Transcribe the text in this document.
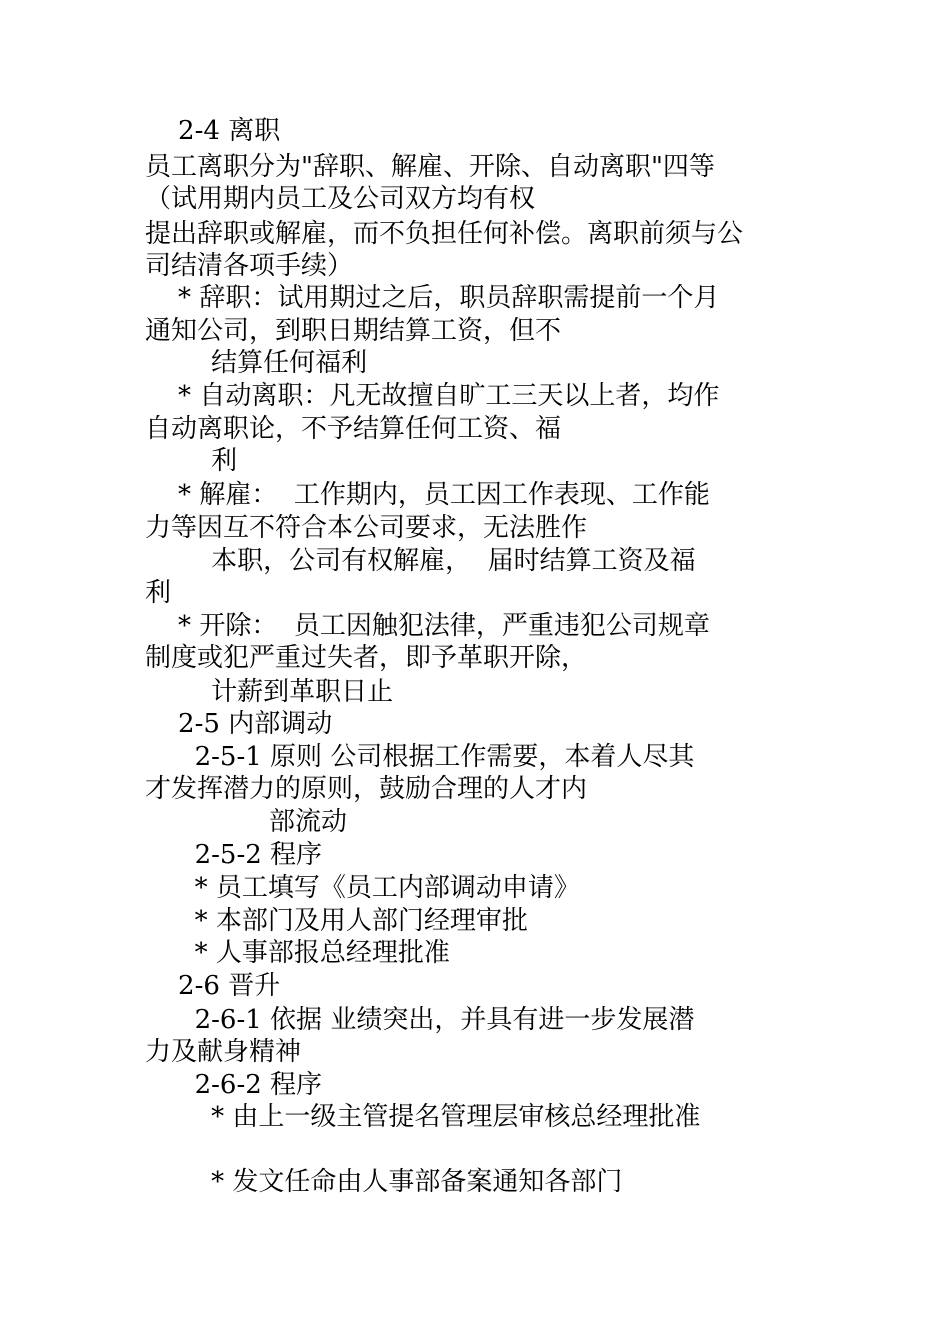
2-4 离职
员工离职分为"辞职、解雇、开除、自动离职"四等
（试用期内员工及公司双方均有权
提出辞职或解雇，而不负担任何补偿。离职前须与公
司结清各项手续）
* 辞职：试用期过之后，职员辞职需提前一个月
通知公司，到职日期结算工资，但不
结算任何福利
* 自动离职：凡无故擅自旷工三天以上者，均作
自动离职论，不予结算任何工资、福
利
* 解雇：  工作期内，员工因工作表现、工作能
力等因互不符合本公司要求，无法胜作
本职，公司有权解雇，  届时结算工资及福
利
* 开除：  员工因触犯法律，严重违犯公司规章
制度或犯严重过失者，即予革职开除，
计薪到革职日止
2-5 内部调动
2-5-1 原则 公司根据工作需要，本着人尽其
才发挥潜力的原则，鼓励合理的人才内
部流动
2-5-2 程序
* 员工填写《员工内部调动申请》
* 本部门及用人部门经理审批
* 人事部报总经理批准
2-6 晋升
2-6-1 依据 业绩突出，并具有进一步发展潜
力及献身精神
2-6-2 程序
* 由上一级主管提名管理层审核总经理批准
* 发文任命由人事部备案通知各部门
